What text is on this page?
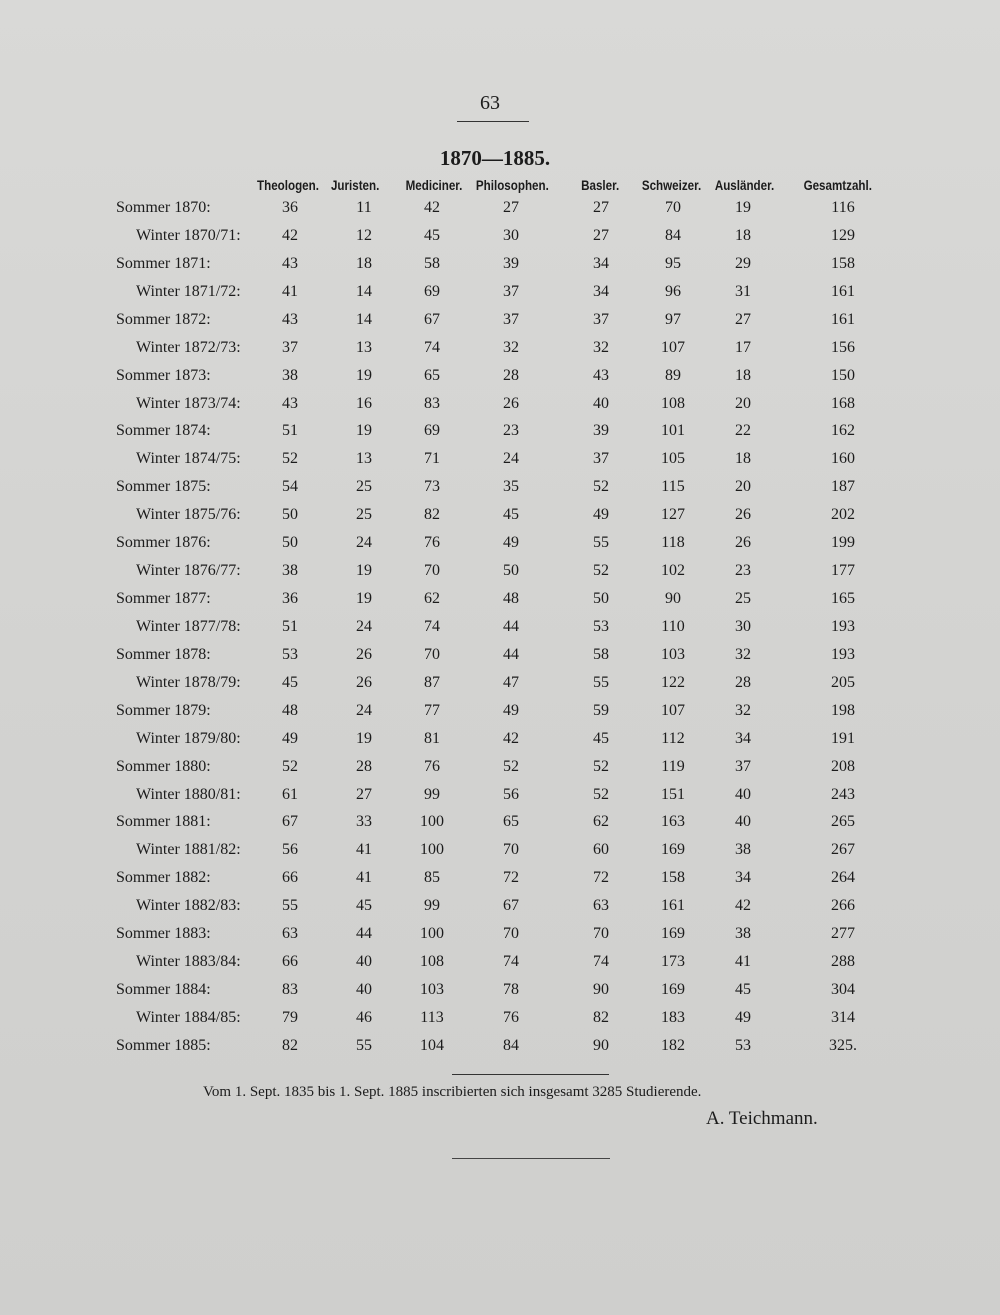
63
1870—1885.
Theologen. Juristen. Mediciner. Philosophen. Basler. Schweizer. Ausländer. Gesamtzahl.
Sommer 1870:	36	11	42	27	27	70	19	116
Winter 1870/71:	42	12	45	30	27	84	18	129
Sommer 1871:	43	18	58	39	34	95	29	158
Winter 1871/72:	41	14	69	37	34	96	31	161
Sommer 1872:	43	14	67	37	37	97	27	161
Winter 1872/73:	37	13	74	32	32	107	17	156
Sommer 1873:	38	19	65	28	43	89	18	150
Winter 1873/74:	43	16	83	26	40	108	20	168
Sommer 1874:	51	19	69	23	39	101	22	162
Winter 1874/75:	52	13	71	24	37	105	18	160
Sommer 1875:	54	25	73	35	52	115	20	187
Winter 1875/76:	50	25	82	45	49	127	26	202
Sommer 1876:	50	24	76	49	55	118	26	199
Winter 1876/77:	38	19	70	50	52	102	23	177
Sommer 1877:	36	19	62	48	50	90	25	165
Winter 1877/78:	51	24	74	44	53	110	30	193
Sommer 1878:	53	26	70	44	58	103	32	193
Winter 1878/79:	45	26	87	47	55	122	28	205
Sommer 1879:	48	24	77	49	59	107	32	198
Winter 1879/80:	49	19	81	42	45	112	34	191
Sommer 1880:	52	28	76	52	52	119	37	208
Winter 1880/81:	61	27	99	56	52	151	40	243
Sommer 1881:	67	33	100	65	62	163	40	265
Winter 1881/82:	56	41	100	70	60	169	38	267
Sommer 1882:	66	41	85	72	72	158	34	264
Winter 1882/83:	55	45	99	67	63	161	42	266
Sommer 1883:	63	44	100	70	70	169	38	277
Winter 1883/84:	66	40	108	74	74	173	41	288
Sommer 1884:	83	40	103	78	90	169	45	304
Winter 1884/85:	79	46	113	76	82	183	49	314
Sommer 1885:	82	55	104	84	90	182	53	325.
Vom 1. Sept. 1835 bis 1. Sept. 1885 inscribierten sich insgesamt 3285 Studierende.
A. Teichmann.
